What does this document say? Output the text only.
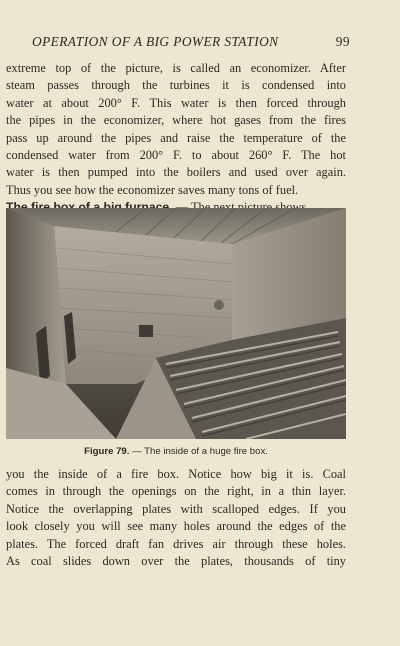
OPERATION OF A BIG POWER STATION	99
extreme top of the picture, is called an economizer. After
steam passes through the turbines it is condensed into
water at about 200° F. This water is then forced through
the pipes in the economizer, where hot gases from the fires
pass up around the pipes and raise the temperature of the
condensed water from 200° F. to about 260° F. The hot
water is then pumped into the boilers and used over again.
Thus you see how the economizer saves many tons of fuel.
Figure 79. — The inside of a huge fire box.
you the inside of a fire box. Notice how big it is. Coal
comes in through the openings on the right, in a thin layer.
Notice the overlapping plates with scalloped edges. If you
look closely you will see many holes around the edges of the
plates. The forced draft fan drives air through these holes.
As coal slides down over the plates, thousands of tiny
